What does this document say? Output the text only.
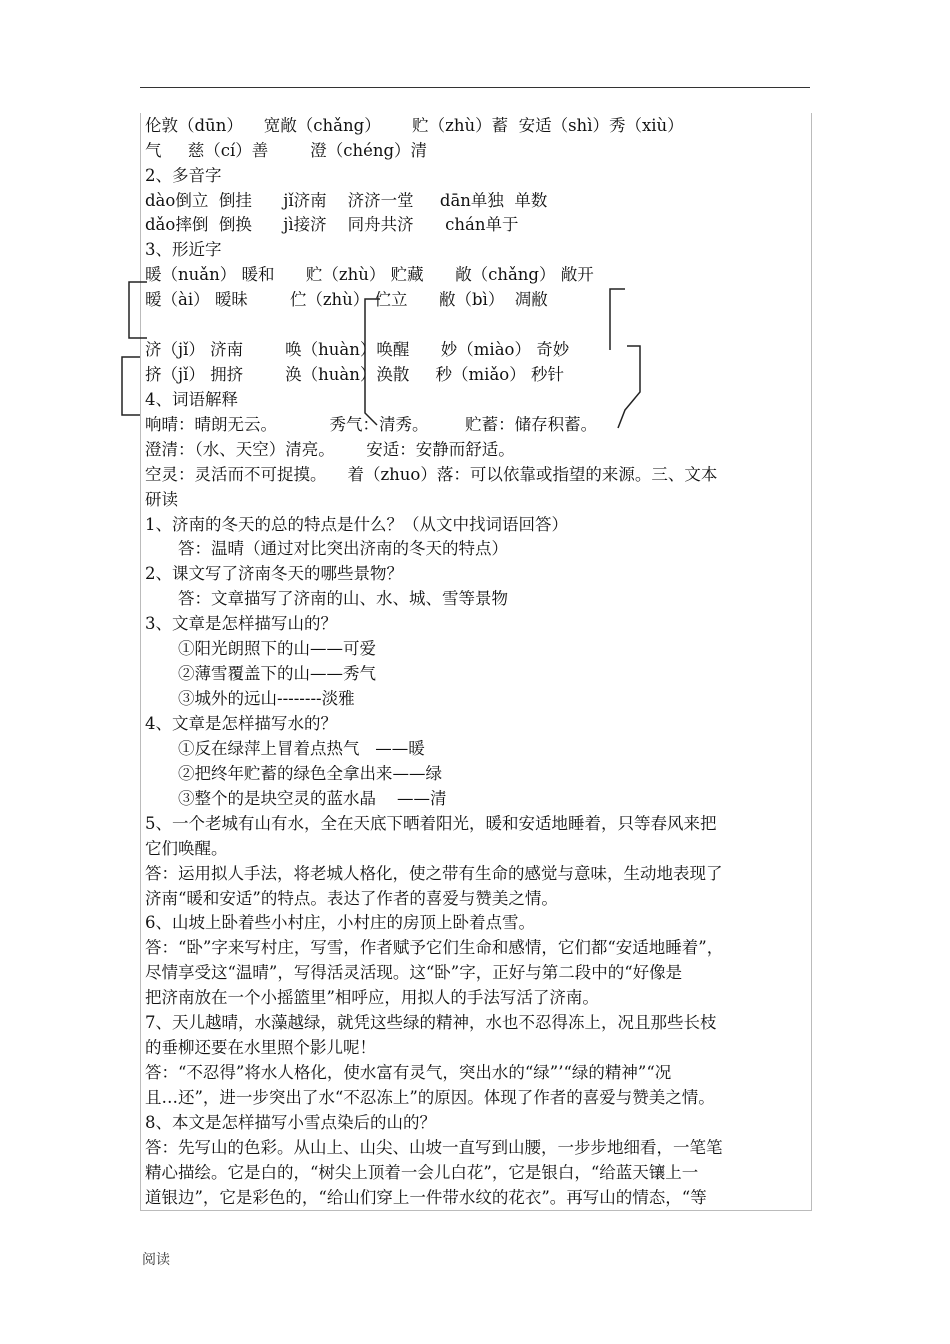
伦敦（dūn）    宽敞（chǎng）      贮（zhù）蓄  安适（shì）秀（xiù）
气     慈（cí）善        澄（chéng）清
2、多音字
dào倒立  倒挂      jǐ济南    济济一堂     dān单独  单数
dǎo摔倒  倒换      jì接济    同舟共济      chán单于
3、形近字
暖（nuǎn） 暖和      贮（zhù） 贮藏      敞（chǎng） 敞开
暧（ài） 暧昧        伫（zhù） 伫立      敝（bì）  凋敝
济（jǐ） 济南        唤（huàn）唤醒      妙（miào） 奇妙
挤（jǐ） 拥挤        涣（huàn）涣散     秒（miǎo） 秒针
4、词语解释
响晴：晴朗无云。          秀气：清秀。       贮蓄：储存积蓄。
澄清：（水、天空）清亮。      安适：安静而舒适。
空灵：灵活而不可捉摸。    着（zhuo）落：可以依靠或指望的来源。三、文本
研读
1、济南的冬天的总的特点是什么？（从文中找词语回答）
答：温晴（通过对比突出济南的冬天的特点）
2、课文写了济南冬天的哪些景物？
答：文章描写了济南的山、水、城、雪等景物
3、文章是怎样描写山的？
①阳光朗照下的山——可爱
②薄雪覆盖下的山——秀气
③城外的远山--------淡雅
4、文章是怎样描写水的？
①反在绿萍上冒着点热气   ——暖
②把终年贮蓄的绿色全拿出来——绿
③整个的是块空灵的蓝水晶    ——清
5、一个老城有山有水，全在天底下晒着阳光，暖和安适地睡着，只等春风来把
它们唤醒。
答：运用拟人手法，将老城人格化，使之带有生命的感觉与意味，生动地表现了
济南“暖和安适”的特点。表达了作者的喜爱与赞美之情。
6、山坡上卧着些小村庄，小村庄的房顶上卧着点雪。
答：“卧”字来写村庄，写雪，作者赋予它们生命和感情，它们都“安适地睡着”，
尽情享受这“温晴”，写得活灵活现。这“卧”字，正好与第二段中的“好像是
把济南放在一个小摇篮里”相呼应，用拟人的手法写活了济南。
7、天儿越晴，水藻越绿，就凭这些绿的精神，水也不忍得冻上，况且那些长枝
的垂柳还要在水里照个影儿呢！
答：“不忍得”将水人格化，使水富有灵气，突出水的“绿”’“绿的精神”“况
且…还”，进一步突出了水“不忍冻上”的原因。体现了作者的喜爱与赞美之情。
8、本文是怎样描写小雪点染后的山的？
答：先写山的色彩。从山上、山尖、山坡一直写到山腰，一步步地细看，一笔笔
精心描绘。它是白的，“树尖上顶着一会儿白花”，它是银白，“给蓝天镶上一
道银边”，它是彩色的，“给山们穿上一件带水纹的花衣”。再写山的情态，“等
阅读
